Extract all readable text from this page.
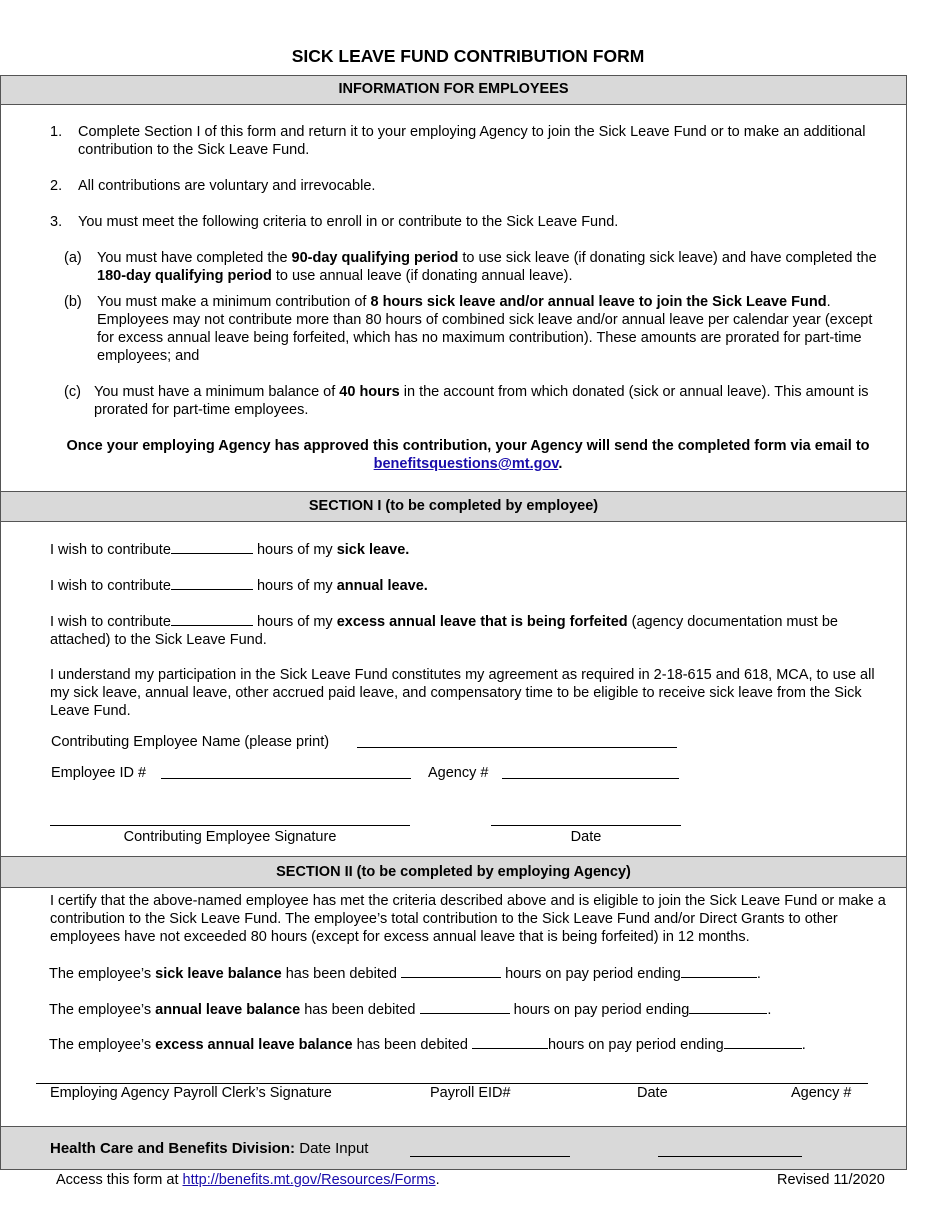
SICK LEAVE FUND CONTRIBUTION FORM
INFORMATION FOR EMPLOYEES
1. Complete Section I of this form and return it to your employing Agency to join the Sick Leave Fund or to make an additional contribution to the Sick Leave Fund.
2. All contributions are voluntary and irrevocable.
3. You must meet the following criteria to enroll in or contribute to the Sick Leave Fund.
(a) You must have completed the 90-day qualifying period to use sick leave (if donating sick leave) and have completed the 180-day qualifying period to use annual leave (if donating annual leave).
(b) You must make a minimum contribution of 8 hours sick leave and/or annual leave to join the Sick Leave Fund. Employees may not contribute more than 80 hours of combined sick leave and/or annual leave per calendar year (except for excess annual leave being forfeited, which has no maximum contribution). These amounts are prorated for part-time employees; and
(c) You must have a minimum balance of 40 hours in the account from which donated (sick or annual leave). This amount is prorated for part-time employees.
Once your employing Agency has approved this contribution, your Agency will send the completed form via email to benefitsquestions@mt.gov.
SECTION I (to be completed by employee)
I wish to contribute	hours of my sick leave.
I wish to contribute	hours of my annual leave.
I wish to contribute	hours of my excess annual leave that is being forfeited (agency documentation must be attached) to the Sick Leave Fund.
I understand my participation in the Sick Leave Fund constitutes my agreement as required in 2-18-615 and 618, MCA, to use all my sick leave, annual leave, other accrued paid leave, and compensatory time to be eligible to receive sick leave from the Sick Leave Fund.
Contributing Employee Name (please print)
Employee ID #	Agency #
Contributing Employee Signature	Date
SECTION II (to be completed by employing Agency)
I certify that the above-named employee has met the criteria described above and is eligible to join the Sick Leave Fund or make a contribution to the Sick Leave Fund. The employee’s total contribution to the Sick Leave Fund and/or Direct Grants to other employees have not exceeded 80 hours (except for excess annual leave that is being forfeited) in 12 months.
The employee’s sick leave balance has been debited	hours on pay period ending	.
The employee’s annual leave balance has been debited	hours on pay period ending	.
The employee’s excess annual leave balance has been debited	hours on pay period ending	.
Employing Agency Payroll Clerk’s Signature	Payroll EID#	Date	Agency #
Health Care and Benefits Division: Date Input
Access this form at http://benefits.mt.gov/Resources/Forms.	Revised 11/2020
